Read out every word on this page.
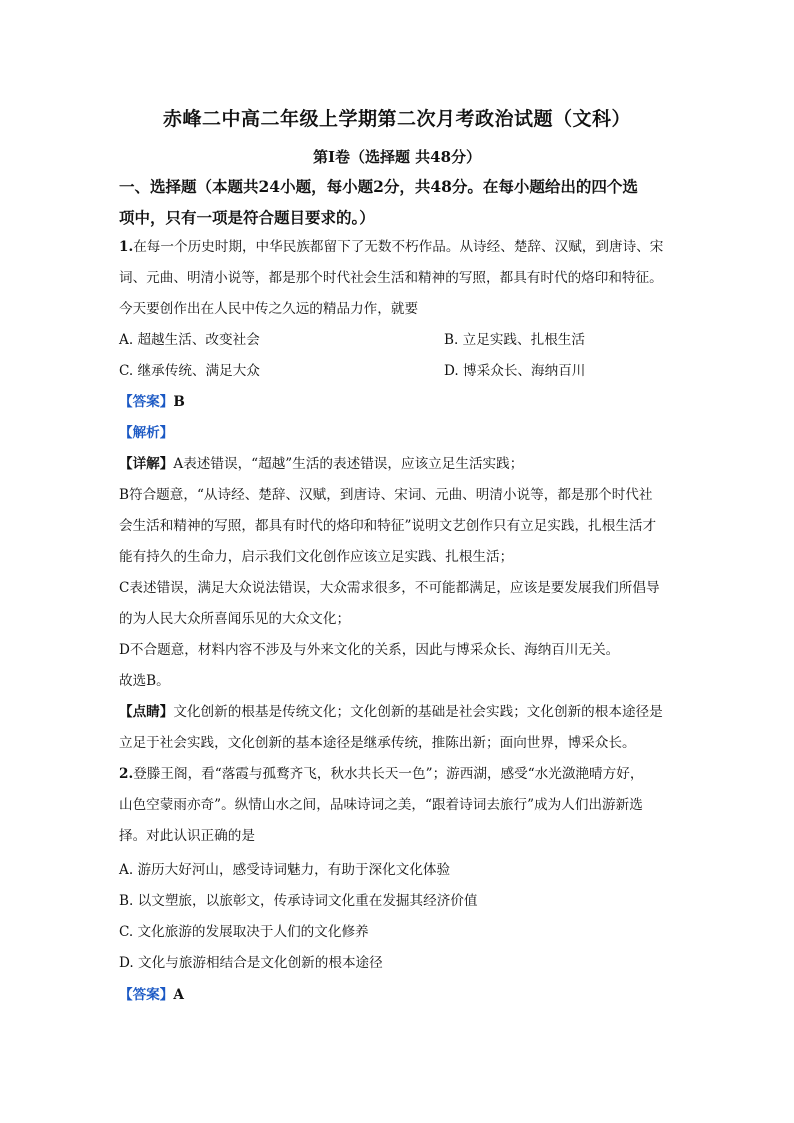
赤峰二中高二年级上学期第二次月考政治试题（文科）
第Ⅰ卷（选择题 共48分）
一、选择题（本题共24小题，每小题2分，共48分。在每小题给出的四个选
项中，只有一项是符合题目要求的。）

1.在每一个历史时期，中华民族都留下了无数不朽作品。从诗经、楚辞、汉赋，到唐诗、宋

词、元曲、明清小说等，都是那个时代社会生活和精神的写照，都具有时代的烙印和特征。

今天要创作出在人民中传之久远的精品力作，就要

A. 超越生活、改变社会	B. 立足实践、扎根生活
C. 继承传统、满足大众	D. 博采众长、海纳百川
【答案】B
【解析】

【详解】A表述错误，“超越”生活的表述错误，应该立足生活实践；

B符合题意，“从诗经、楚辞、汉赋，到唐诗、宋词、元曲、明清小说等，都是那个时代社

会生活和精神的写照，都具有时代的烙印和特征”说明文艺创作只有立足实践，扎根生活才

能有持久的生命力，启示我们文化创作应该立足实践、扎根生活；

C表述错误，满足大众说法错误，大众需求很多，不可能都满足，应该是要发展我们所倡导

的为人民大众所喜闻乐见的大众文化；

D不合题意，材料内容不涉及与外来文化的关系，因此与博采众长、海纳百川无关。

故选B。

【点睛】文化创新的根基是传统文化；文化创新的基础是社会实践；文化创新的根本途径是

立足于社会实践，文化创新的基本途径是继承传统，推陈出新；面向世界，博采众长。

2.登滕王阁，看“落霞与孤鹜齐飞，秋水共长天一色”；游西湖，感受“水光潋滟晴方好，

山色空蒙雨亦奇”。纵情山水之间，品味诗词之美，“跟着诗词去旅行”成为人们出游新选

择。对此认识正确的是

A. 游历大好河山，感受诗词魅力，有助于深化文化体验
B. 以文塑旅，以旅彰文，传承诗词文化重在发掘其经济价值
C. 文化旅游的发展取决于人们的文化修养
D. 文化与旅游相结合是文化创新的根本途径
【答案】A
